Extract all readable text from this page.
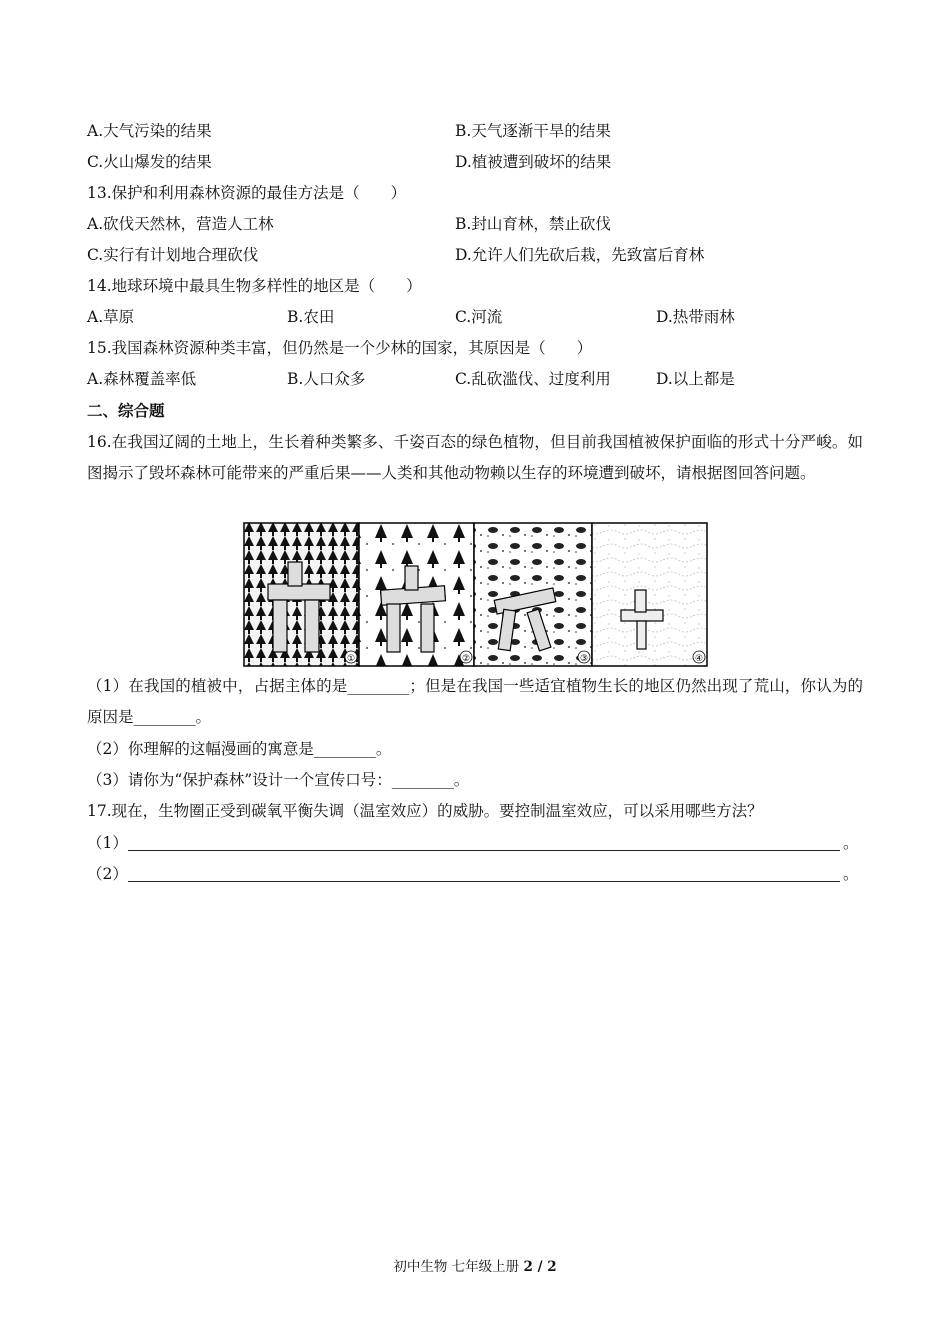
A.大气污染的结果	B.天气逐渐干旱的结果
C.火山爆发的结果	D.植被遭到破坏的结果
13.保护和利用森林资源的最佳方法是（　　）
A.砍伐天然林，营造人工林	B.封山育林，禁止砍伐
C.实行有计划地合理砍伐	D.允许人们先砍后栽，先致富后育林
14.地球环境中最具生物多样性的地区是（　　）
A.草原	B.农田	C.河流	D.热带雨林
15.我国森林资源种类丰富，但仍然是一个少林的国家，其原因是（　　）
A.森林覆盖率低	B.人口众多	C.乱砍滥伐、过度利用	D.以上都是
二、综合题
16.在我国辽阔的土地上，生长着种类繁多、千姿百态的绿色植物，但目前我国植被保护面临的形式十分严峻。如图揭示了毁坏森林可能带来的严重后果——人类和其他动物赖以生存的环境遭到破坏，请根据图回答问题。
①	②	③	④
（1）在我国的植被中，占据主体的是________；但是在我国一些适宜植物生长的地区仍然出现了荒山，你认为的原因是________。
（2）你理解的这幅漫画的寓意是________。
（3）请你为“保护森林”设计一个宣传口号：________。
17.现在，生物圈正受到碳氧平衡失调（温室效应）的威胁。要控制温室效应，可以采用哪些方法？
（1）	。
（2）	。
初中生物 七年级上册 2 / 2
